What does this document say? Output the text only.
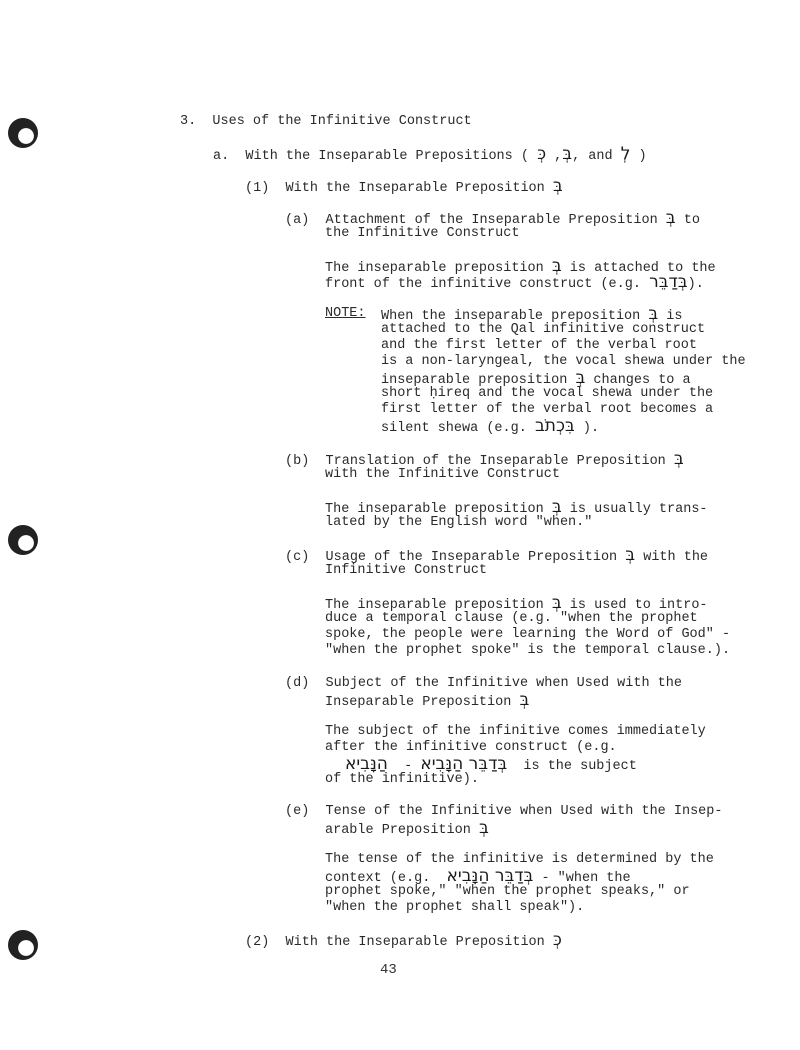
3. Uses of the Infinitive Construct
a. With the Inseparable Prepositions ( בְּ, כְּ , and לְ )
(1) With the Inseparable Preposition בְּ
(a) Attachment of the Inseparable Preposition בְּ to
the Infinitive Construct
The inseparable preposition בְּ is attached to the
front of the infinitive construct (e.g. בְּדַבֵּר).
NOTE: When the inseparable preposition בְּ is
attached to the Qal infinitive construct
and the first letter of the verbal root
is a non-laryngeal, the vocal shewa under the
inseparable preposition בְּ changes to a
short ḥireq and the vocal shewa under the
first letter of the verbal root becomes a
silent shewa (e.g. בִּכְתֹב ).
(b) Translation of the Inseparable Preposition בְּ
with the Infinitive Construct
The inseparable preposition בְּ is usually trans-
lated by the English word "when."
(c) Usage of the Inseparable Preposition בְּ with the
Infinitive Construct
The inseparable preposition בְּ is used to intro-
duce a temporal clause (e.g. "when the prophet
spoke, the people were learning the Word of God" -
"when the prophet spoke" is the temporal clause.).
(d) Subject of the Infinitive when Used with the
Inseparable Preposition בְּ
The subject of the infinitive comes immediately
after the infinitive construct (e.g.
בְּדַבֵּר הַנָּבִיא -  הַנָּבִיא	is the subject
of the infinitive).
(e) Tense of the Infinitive when Used with the Insep-
arable Preposition בְּ
The tense of the infinitive is determined by the
context (e.g. בְּדַבֵּר הַנָּבִיא - "when the
prophet spoke," "when the prophet speaks," or
"when the prophet shall speak").
(2) With the Inseparable Preposition כְּ
43
